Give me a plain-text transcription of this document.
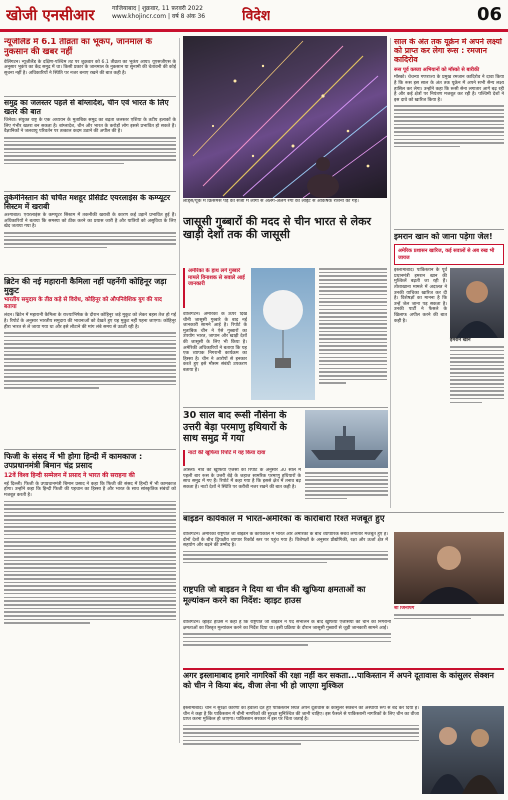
खोजी एनसीआर	गाजियाबाद | शुक्रवार, 11 फ़रवरी 2022
www.khojincr.com | वर्ष 8 अंक 36	विदेश	06
न्यूजीलैंड में 6.1 तीव्रता का भूकंप, जानमाल के नुकसान की खबर नहीं
वेलिंगटन। न्यूजीलैंड के दक्षिण-पश्चिम तट पर शुक्रवार को 6.1 तीव्रता का भूकंप आया। यूएसजीएस के अनुसार भूकंप का केंद्र समुद्र में था। किसी प्रकार के जानमाल के नुकसान या सुनामी की चेतावनी की कोई सूचना नहीं है। अधिकारियों ने स्थिति पर नजर बनाए रखने की बात कही है।
समुद्र का जलस्तर पहले से बांग्लादेश, चीन एवं भारत के लिए खतरे की बात
जिनेवा। संयुक्त राष्ट्र के एक अध्ययन के मुताबिक समुद्र का बढ़ता जलस्तर एशिया के तटीय इलाकों के लिए गंभीर खतरा बन सकता है। बांग्लादेश, चीन और भारत के करोड़ों लोग इससे प्रभावित हो सकते हैं। वैज्ञानिकों ने जलवायु परिवर्तन पर तत्काल कदम उठाने की अपील की है।
तुर्कमेनिस्तान की चर्चित मशहूर प्रेसिडेंट एयरलाइंस के कम्प्यूटर सिस्टम में खराबी
अश्गाबात। एयरलाइंस के कम्प्यूटर सिस्टम में तकनीकी खराबी के कारण कई उड़ानें प्रभावित हुई हैं। अधिकारियों ने बताया कि समस्या को ठीक करने का प्रयास जारी है और यात्रियों को असुविधा के लिए खेद जताया गया है।
ब्रिटेन की नई महारानी कैमिला नहीं पहनेंगी कोहिनूर जड़ा मुकुट
भारतीय समुदाय के तीव्र कड़े से विरोध, कोहिनूर को औपनिवेशिक युग की याद बताया
लंदन। ब्रिटेन में महारानी कैमिला के राज्याभिषेक के दौरान कोहिनूर जड़े मुकुट को लेकर बहस तेज हो गई है। रिपोर्ट के अनुसार भारतीय समुदाय की भावनाओं को देखते हुए यह मुकुट नहीं पहना जाएगा। कोहिनूर हीरा भारत से ले जाया गया था और इसे लौटाने की मांग लंबे समय से उठती रही है।
फिजी के संसद में भी होगा हिन्दी में कामकाज : उपप्रधानमंत्री बिमान चंद्र प्रसाद
12वें विश्व हिन्दी सम्मेलन में प्रसाद ने भारत की सराहना की
नई दिल्ली। फिजी के उपप्रधानमंत्री बिमान प्रसाद ने कहा कि फिजी की संसद में हिन्दी में भी कामकाज होगा। उन्होंने कहा कि हिन्दी फिजी की पहचान का हिस्सा है और भारत के साथ सांस्कृतिक संबंधों को मजबूत करती है।
लीड्स/यूके में क्रिसमस पेड़ की सजा में लोगों से अलग-अलग रंगों की लाइट से आकर्षक रोशनी की गई।
साल के अंत तक यूक्रेन में अपने लक्ष्यों को प्राप्त कर लेगा रूस : रमजान कादिरोव
रूस पूर्व कब्जा अभियानों को मॉस्को से बारीकी
मॉस्को। चेचन्या गणराज्य के प्रमुख रमजान कादिरोव ने दावा किया है कि रूस इस साल के अंत तक यूक्रेन में अपने सभी सैन्य लक्ष्य हासिल कर लेगा। उन्होंने कहा कि रूसी सेना लगातार आगे बढ़ रही है और कई क्षेत्रों पर नियंत्रण मजबूत कर रही है। पश्चिमी देशों ने इस दावे को खारिज किया है।
इमरान खान को जाना पड़ेगा जेल!
अमेरिक प्रशासन खारिज, कई सवालों से अब रुख भी जायज
इस्लामाबाद। पाकिस्तान के पूर्व प्रधानमंत्री इमरान खान की मुश्किलें बढ़ती जा रही हैं। तोशाखाना मामले में अदालत ने उनकी याचिका खारिज कर दी है। विशेषज्ञों का मानना है कि उन्हें जेल जाना पड़ सकता है। उनकी पार्टी ने फैसले के खिलाफ अपील करने की बात कही है।
इमरान खान
जासूसी गुब्बारों की मदद से चीन भारत से लेकर खाड़ी देशों तक की जासूसी
अमेरिका के हाथ लगे गुब्बारे मामले विनाशक से सवाले आई जानकारी
वाशिंगटन। अमेरिका के ऊपर दिखे चीनी जासूसी गुब्बारे के बाद नई जानकारी सामने आई है। रिपोर्ट के मुताबिक चीन ने ऐसे गुब्बारों का उपयोग भारत, जापान और खाड़ी देशों की जासूसी के लिए भी किया है। अमेरिकी अधिकारियों ने बताया कि यह एक व्यापक निगरानी कार्यक्रम का हिस्सा है। चीन ने आरोपों से इनकार करते हुए इसे मौसम संबंधी उपकरण बताया है।
30 साल बाद रूसी नौसेना के उत्तरी बेड़ा परमाणु हथियारों के साथ समुद्र में गया
नाटो की खुफिया रिपोर्ट में यह किया दावा
ओस्लो। नॉर्वे की खुफिया एजेंसी की रिपोर्ट के अनुसार 30 साल में पहली बार रूस के उत्तरी बेड़े के जहाज सामरिक परमाणु हथियारों के साथ समुद्र में गए हैं। रिपोर्ट में कहा गया है कि इससे क्षेत्र में तनाव बढ़ सकता है। नाटो देशों ने स्थिति पर करीबी नजर रखने की बात कही है।
बाइडन कार्यकाल में भारत-अमेरिका के कारोबारी रिश्ते मजबूत हुए
वाशिंगटन। अमेरिकी राष्ट्रपति जो बाइडन के कार्यकाल में भारत और अमेरिका के बीच व्यापारिक संबंध लगातार मजबूत हुए हैं। दोनों देशों के बीच द्विपक्षीय व्यापार रिकॉर्ड स्तर पर पहुंच गया है। विशेषज्ञों के अनुसार प्रौद्योगिकी, रक्षा और ऊर्जा क्षेत्र में सहयोग और बढ़ने की उम्मीद है।
शी जिनपिंग
राष्ट्रपति जो बाइडन ने दिया था चीन की खुफिया क्षमताओं का मूल्यांकन करने का निर्देश: व्हाइट हाउस
वाशिंगटन। व्हाइट हाउस ने कहा है कि राष्ट्रपति जो बाइडन ने पद संभालने के बाद खुफिया एजेंसियों को चीन की निगरानी क्षमताओं का विस्तृत मूल्यांकन करने का निर्देश दिया था। इसी प्रक्रिया के दौरान जासूसी गुब्बारों से जुड़ी जानकारी सामने आई।
अगर इस्लामाबाद हमारे नागरिकों की रक्षा नहीं कर सकता...पाकिस्तान में अपने दूतावास के कांसुलर सेक्शन को चीन ने किया बंद, वीजा लेना भी हो जाएगा मुश्किल
इस्लामाबाद। चीन ने सुरक्षा कारणों का हवाला देते हुए पाकिस्तान स्थित अपने दूतावास के कांसुलर सेक्शन को अस्थायी रूप से बंद कर दिया है। चीन ने कहा है कि पाकिस्तान में चीनी नागरिकों की सुरक्षा सुनिश्चित की जानी चाहिए। इस फैसले से पाकिस्तानी नागरिकों के लिए चीन का वीजा प्राप्त करना मुश्किल हो जाएगा। पाकिस्तान सरकार ने इस पर चिंता जताई है।
